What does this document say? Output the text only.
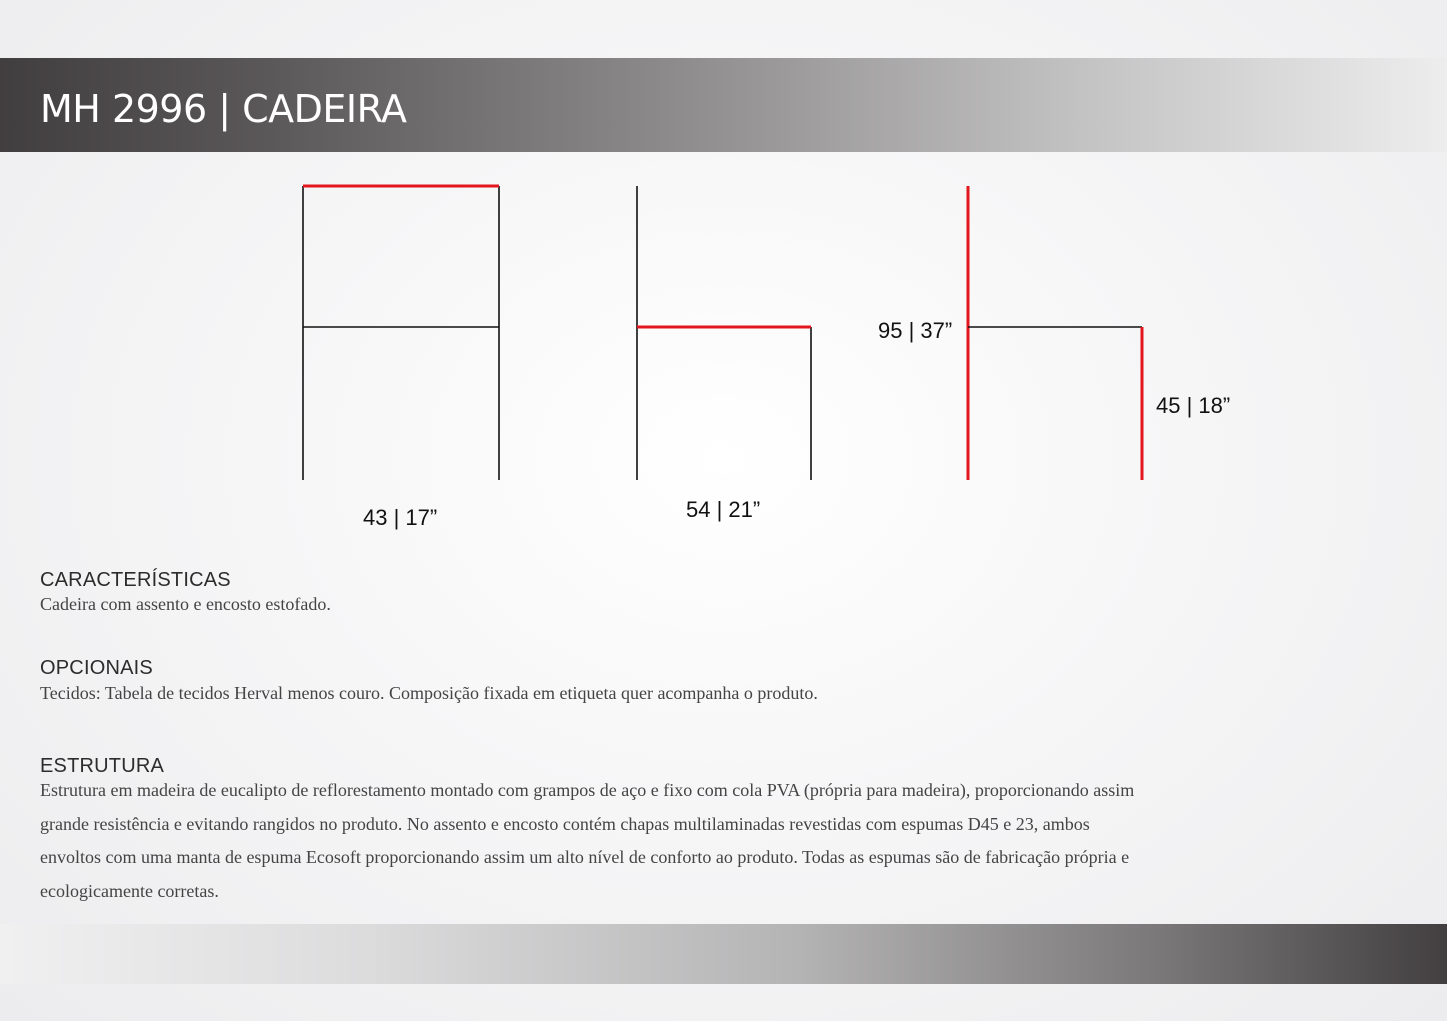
MH 2996 | CADEIRA
43 | 17”	54 | 21”
95 | 37”
45 | 18”
CARACTERÍSTICAS

Cadeira com assento e encosto estofado.

OPCIONAIS

Tecidos: Tabela de tecidos Herval menos couro. Composição fixada em etiqueta quer acompanha o produto.

ESTRUTURA

Estrutura em madeira de eucalipto de reflorestamento montado com grampos de aço e fixo com cola PVA (própria para madeira), proporcionando assim grande resistência e evitando rangidos no produto. No assento e encosto contém chapas multilaminadas revestidas com espumas D45 e 23, ambos envoltos com uma manta de espuma Ecosoft proporcionando assim um alto nível de conforto ao produto. Todas as espumas são de fabricação própria e ecologicamente corretas.
